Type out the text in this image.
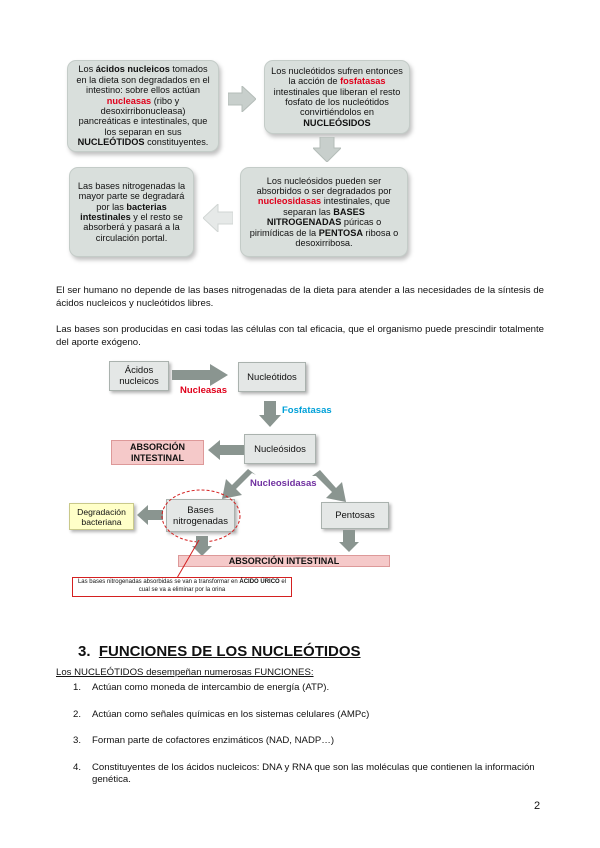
Los ácidos nucleicos tomados en la dieta son degradados en el intestino: sobre ellos actúan nucleasas (ribo y desoxirribonucleasa) pancreáticas e intestinales, que los separan en sus NUCLEÓTIDOS constituyentes.

Los nucleótidos sufren entonces la acción de fosfatasas intestinales que liberan el resto fosfato de los nucleótidos convirtiéndolos en NUCLEÓSIDOS

Los nucleósidos pueden ser absorbidos o ser degradados por nucleosidasas intestinales, que separan las BASES NITROGENADAS púricas o pirimídicas de la PENTOSA ribosa o desoxirribosa.

Las bases nitrogenadas la mayor parte se degradará por las bacterias intestinales y el resto se absorberá y pasará a la circulación portal.

El ser humano no depende de las bases nitrogenadas de la dieta para atender a las necesidades de la síntesis de ácidos nucleicos y nucleótidos libres.

Las bases son producidas en casi todas las células con tal eficacia, que el organismo puede prescindir totalmente del aporte exógeno.

Ácidos nucleicos
Nucleasas
Nucleótidos
Fosfatasas
ABSORCIÓN INTESTINAL
Nucleósidos
Nucleosidasas
Degradación bacteriana
Bases nitrogenadas	Pentosas
ABSORCIÓN INTESTINAL
Las bases nitrogenadas absorbidas se van a transformar en ÁCIDO ÚRICO el cual se va a eliminar por la orina
3. FUNCIONES DE LOS NUCLEÓTIDOS

Los NUCLEÓTIDOS desempeñan numerosas FUNCIONES:

1. Actúan como moneda de intercambio de energía (ATP).
2. Actúan como señales químicas en los sistemas celulares (AMPc)
3. Forman parte de cofactores enzimáticos (NAD, NADP…)
4. Constituyentes de los ácidos nucleicos: DNA y RNA que son las moléculas que contienen la información genética.
2
